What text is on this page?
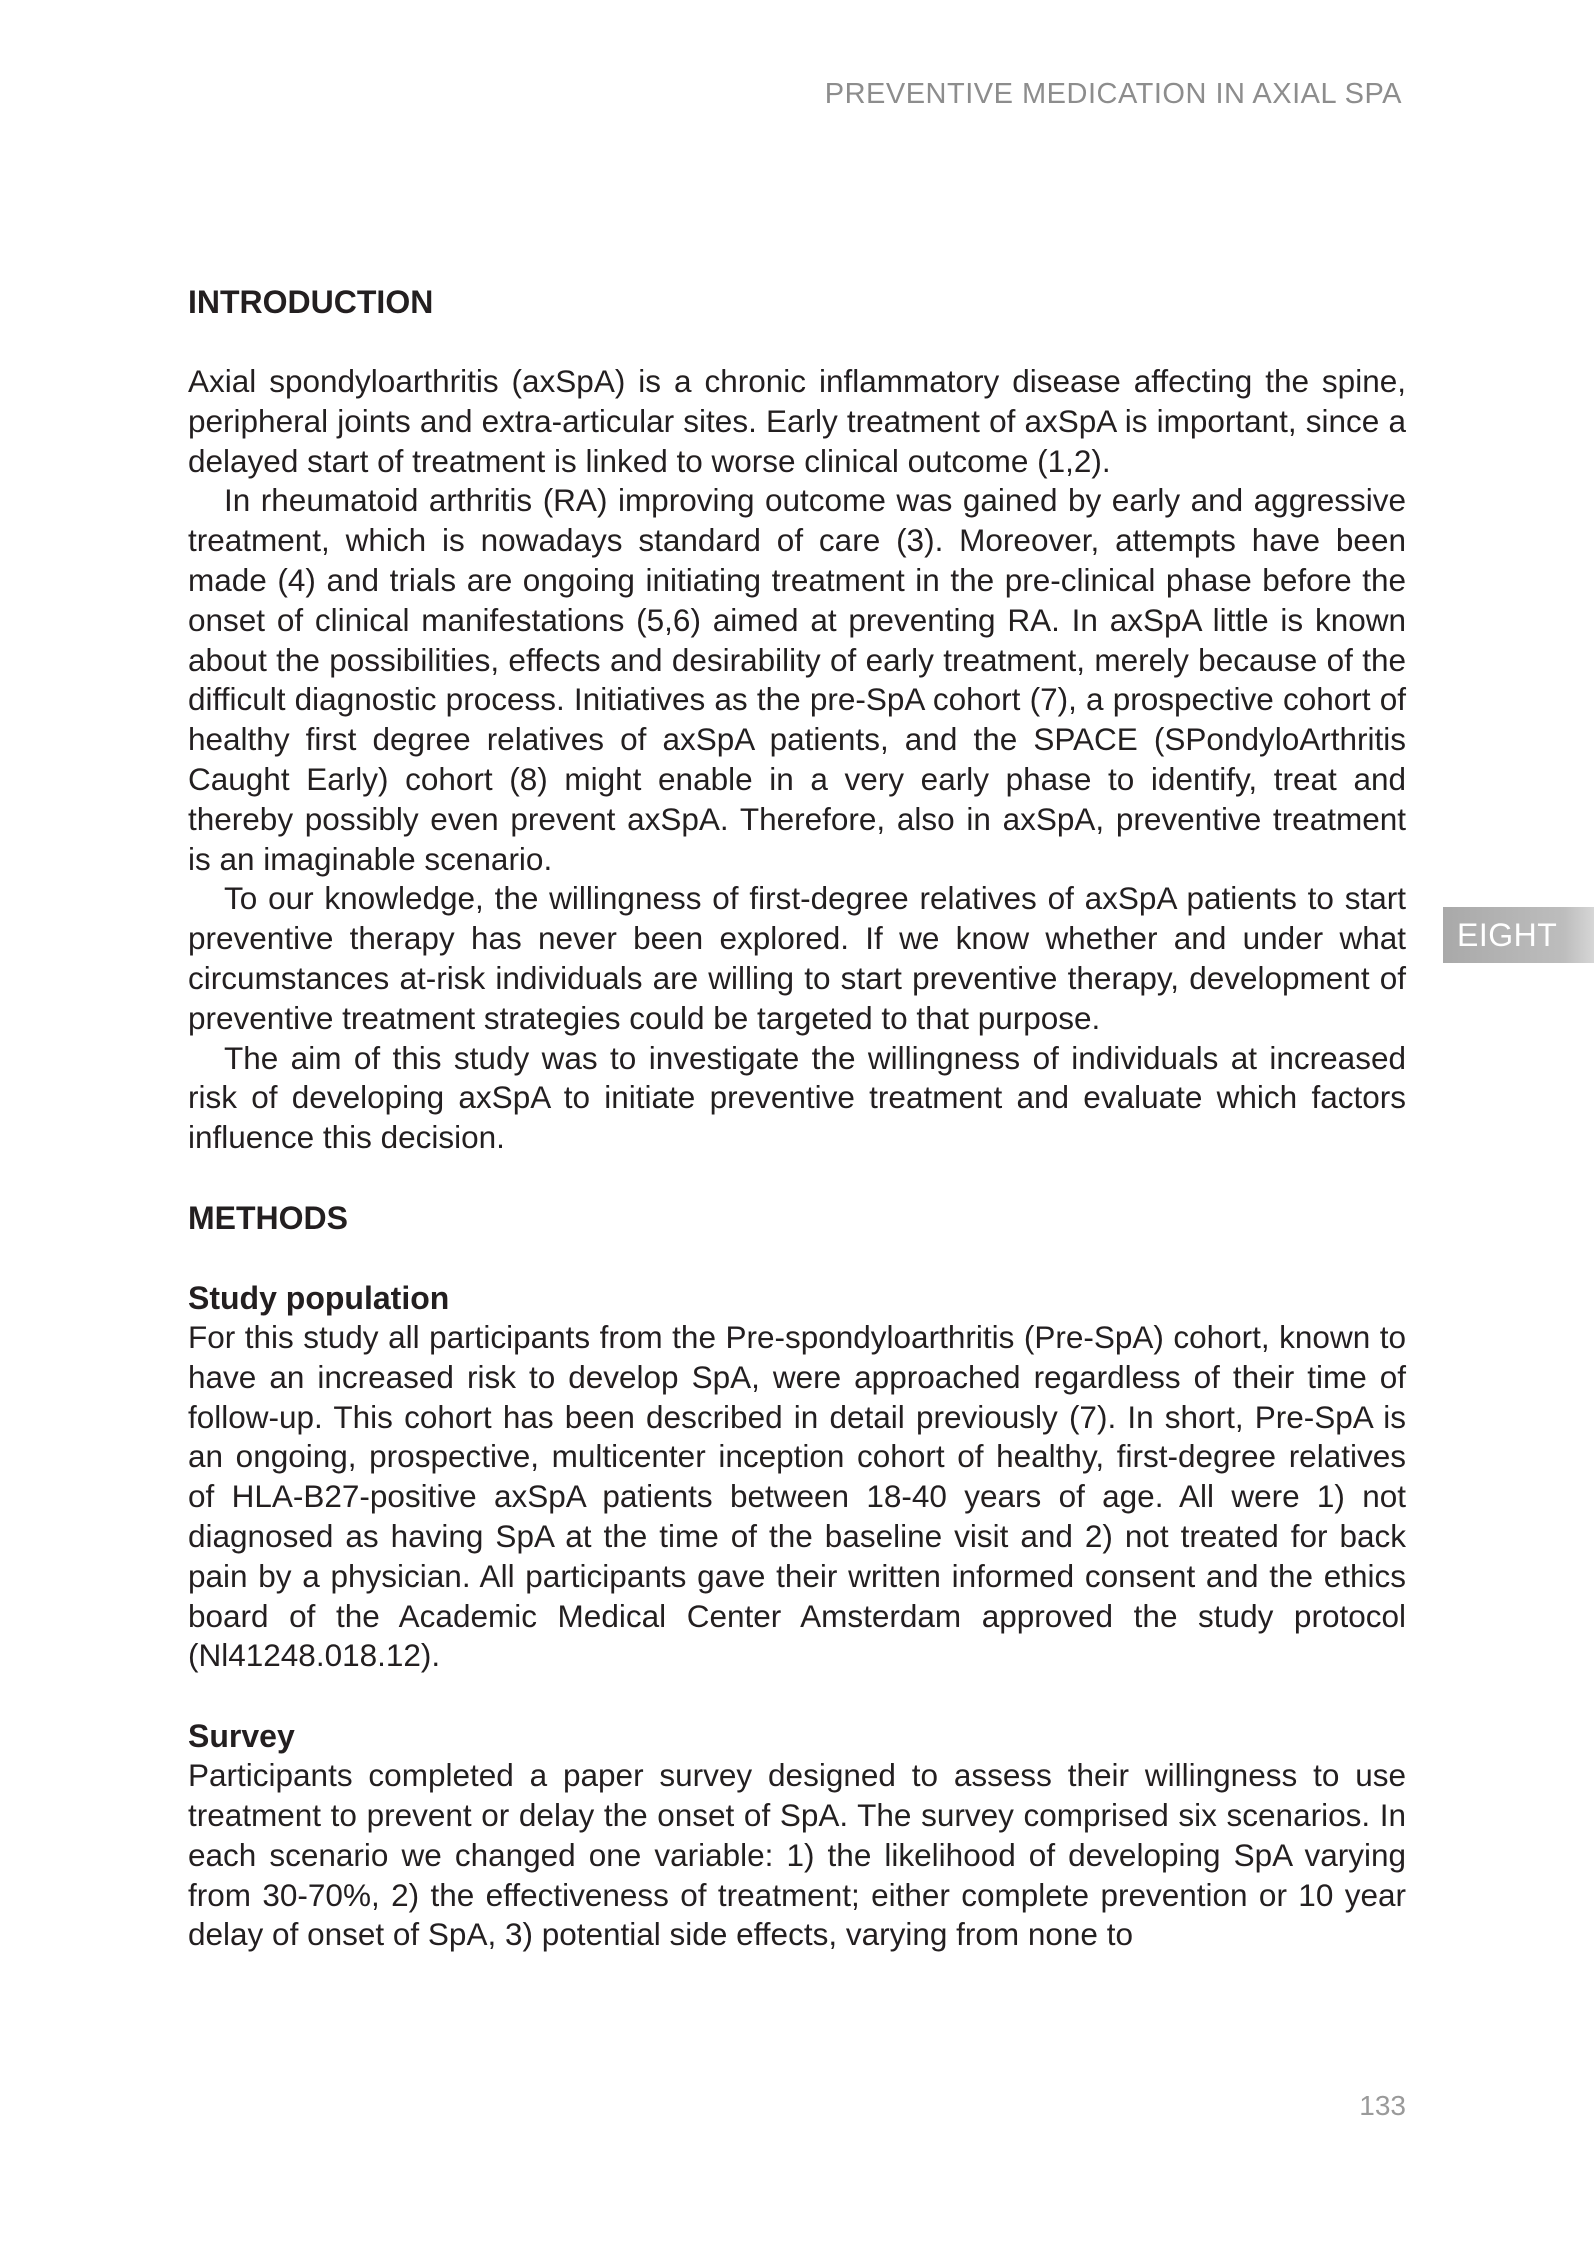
PREVENTIVE MEDICATION IN AXIAL SPA
EIGHT
INTRODUCTION

Axial spondyloarthritis (axSpA) is a chronic inflammatory disease affecting the spine, peripheral joints and extra-articular sites. Early treatment of axSpA is important, since a delayed start of treatment is linked to worse clinical outcome (1,2).

In rheumatoid arthritis (RA) improving outcome was gained by early and aggressive treatment, which is nowadays standard of care (3). Moreover, attempts have been made (4) and trials are ongoing initiating treatment in the pre-clinical phase before the onset of clinical manifestations (5,6) aimed at preventing RA. In axSpA little is known about the possibilities, effects and desirability of early treatment, merely because of the difficult diagnostic process. Initiatives as the pre-SpA cohort (7), a prospective cohort of healthy first degree relatives of axSpA patients, and the SPACE (SPondyloArthritis Caught Early) cohort (8) might enable in a very early phase to identify, treat and thereby possibly even prevent axSpA. Therefore, also in axSpA, preventive treatment is an imaginable scenario.

To our knowledge, the willingness of first-degree relatives of axSpA patients to start preventive therapy has never been explored. If we know whether and under what circumstances at-risk individuals are willing to start preventive therapy, development of preventive treatment strategies could be targeted to that purpose.

The aim of this study was to investigate the willingness of individuals at increased risk of developing axSpA to initiate preventive treatment and evaluate which factors influence this decision.

METHODS
Study population

For this study all participants from the Pre-spondyloarthritis (Pre-SpA) cohort, known to have an increased risk to develop SpA, were approached regardless of their time of follow-up. This cohort has been described in detail previously (7). In short, Pre-SpA is an ongoing, prospective, multicenter inception cohort of healthy, first-degree relatives of HLA-B27-positive axSpA patients between 18-40 years of age. All were 1) not diagnosed as having SpA at the time of the baseline visit and 2) not treated for back pain by a physician. All participants gave their written informed consent and the ethics board of the Academic Medical Center Amsterdam approved the study protocol (Nl41248.018.12).

Survey

Participants completed a paper survey designed to assess their willingness to use treatment to prevent or delay the onset of SpA. The survey comprised six scenarios. In each scenario we changed one variable: 1) the likelihood of developing SpA varying from 30-70%, 2) the effectiveness of treatment; either complete prevention or 10 year delay of onset of SpA, 3) potential side effects, varying from none to

133
